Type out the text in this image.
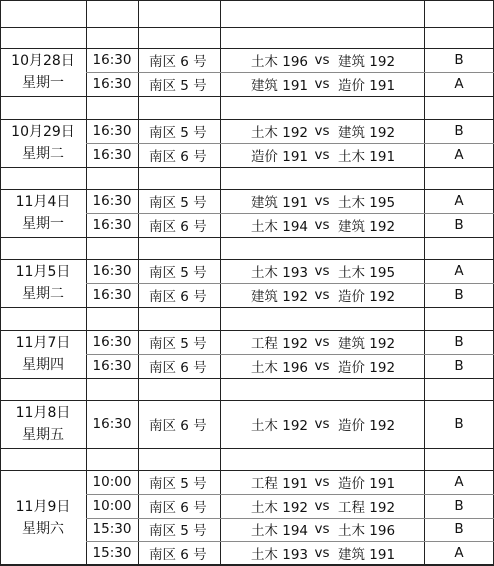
10月28日
星期一
16:30	南区 6 号	土木 196 vs 建筑 192	B
16:30	南区 5 号	建筑 191 vs 造价 191	A
10月29日
星期二
16:30	南区 5 号	土木 192 vs 建筑 192	B
16:30	南区 6 号	造价 191 vs 土木 191	A
11月4日
星期一
16:30	南区 5 号	建筑 191 vs 土木 195	A
16:30	南区 6 号	土木 194 vs 建筑 192	B
11月5日
星期二
16:30	南区 5 号	土木 193 vs 土木 195	A
16:30	南区 6 号	建筑 192 vs 造价 192	B
11月7日
星期四
16:30	南区 5 号	工程 192 vs 建筑 192	B
16:30	南区 6 号	土木 196 vs 造价 192	B
11月8日
星期五
16:30	南区 6 号	土木 192 vs 造价 192	B
11月9日
星期六
10:00	南区 5 号	工程 191 vs 造价 191	A
10:00	南区 6 号	土木 192 vs 工程 192	B
15:30	南区 5 号	土木 194 vs 土木 196	B
15:30	南区 6 号	土木 193 vs 建筑 191	A
